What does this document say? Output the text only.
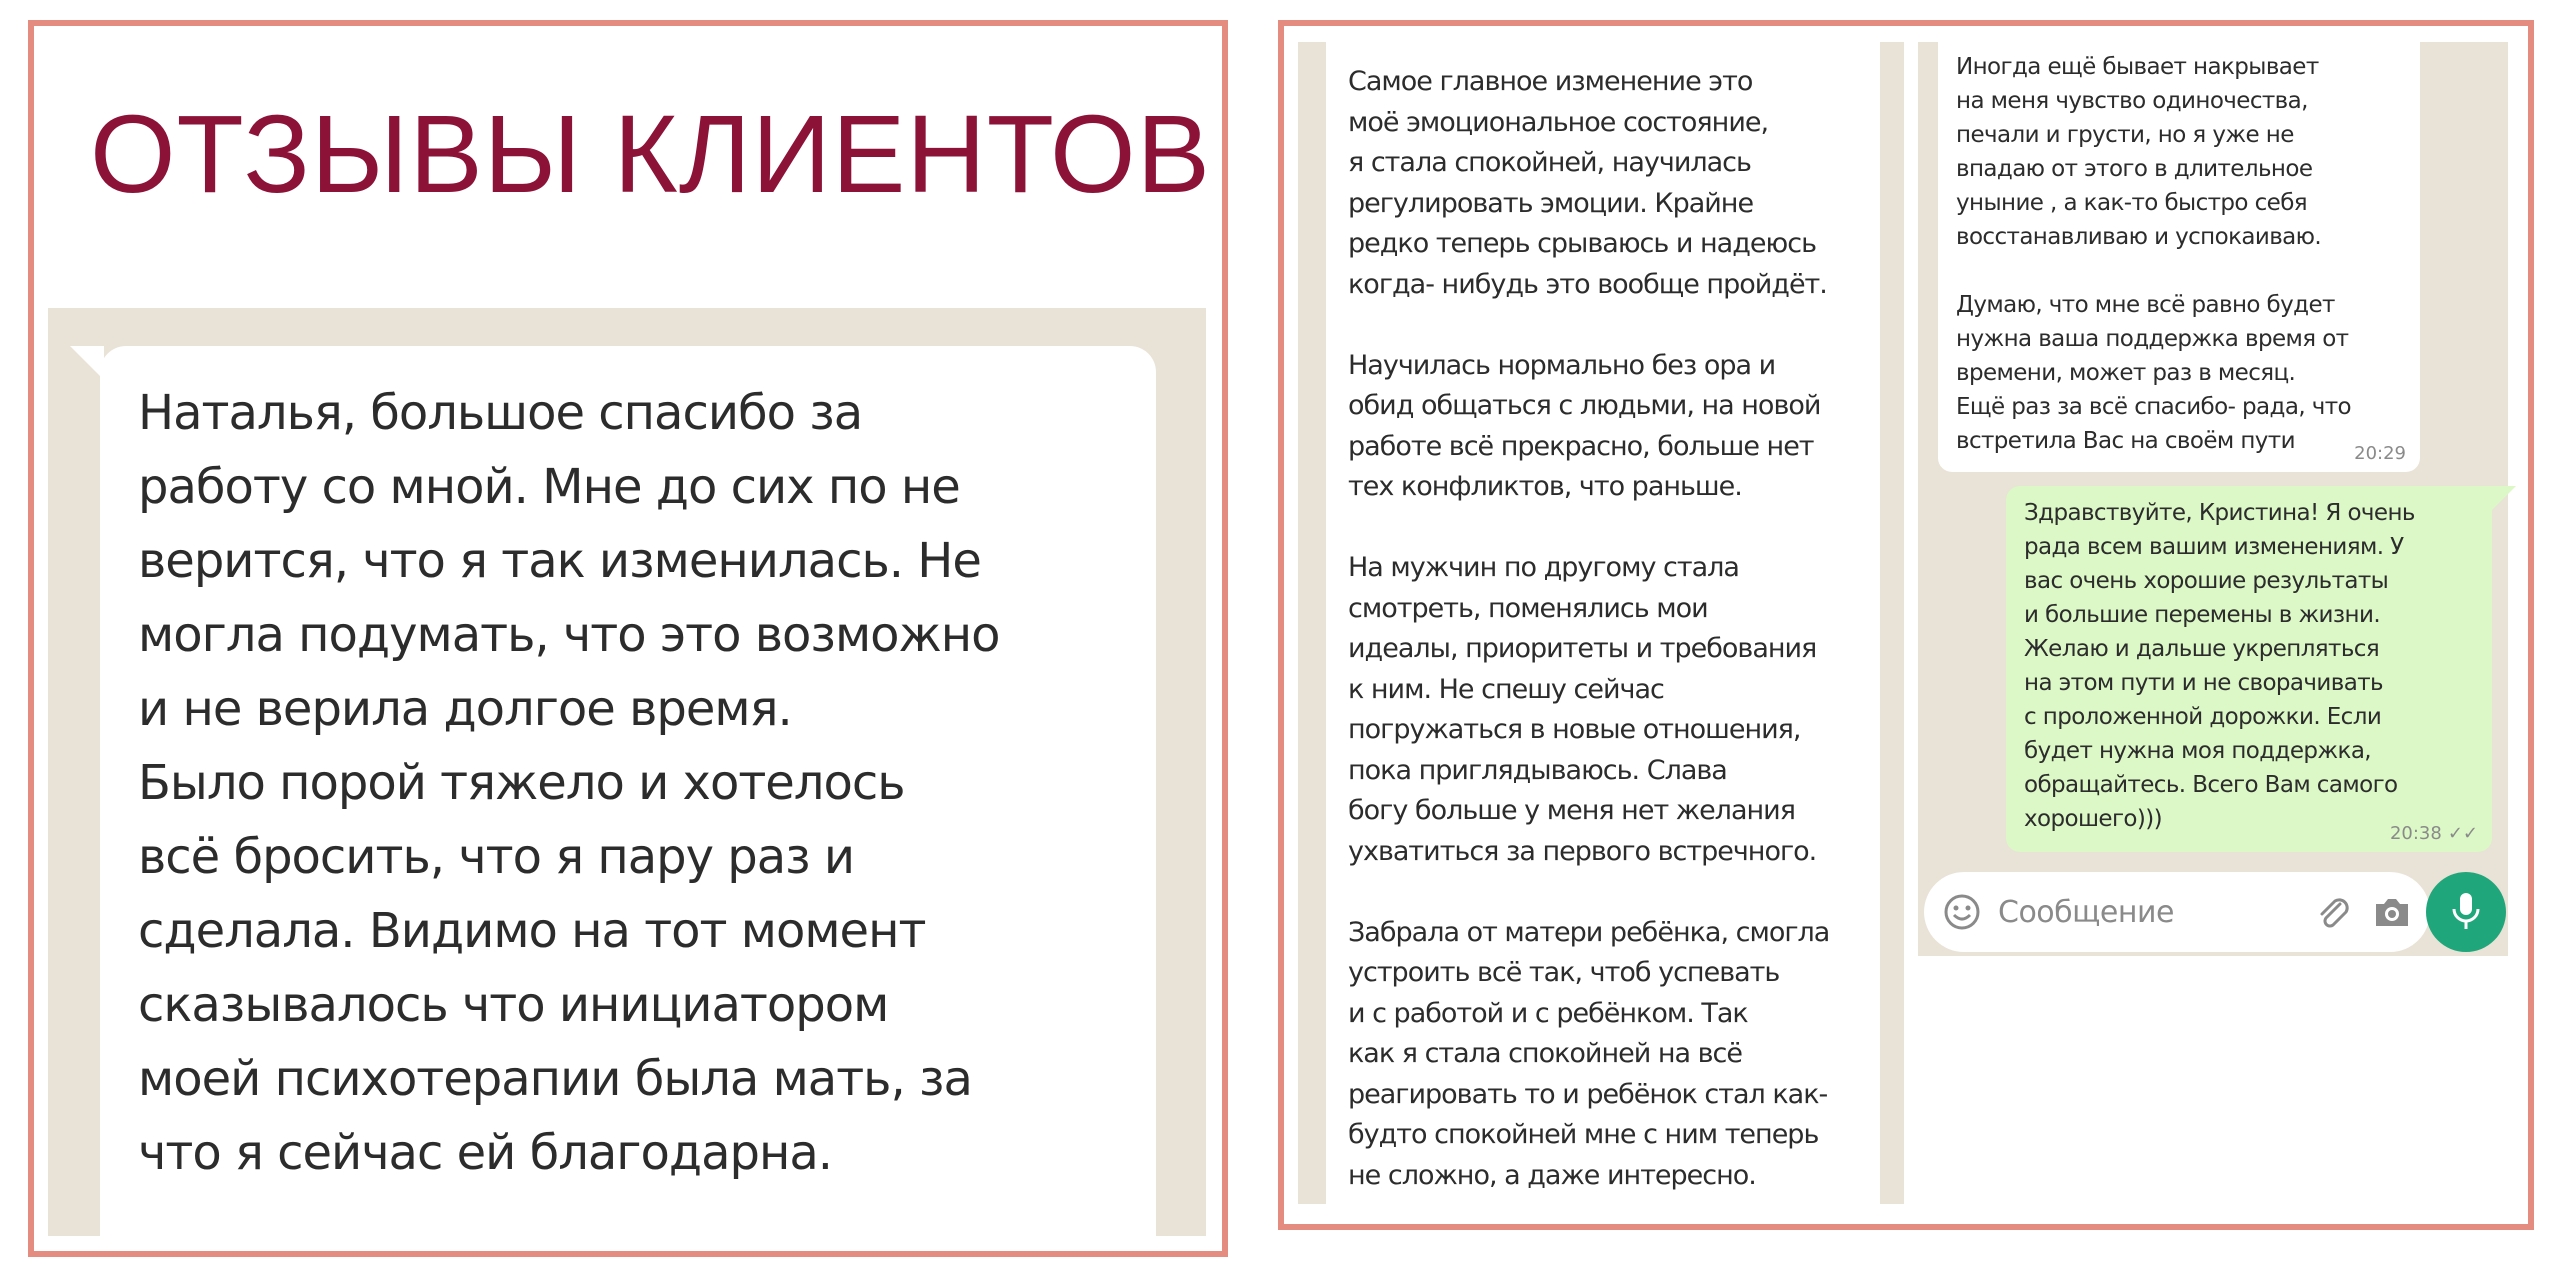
ОТЗЫВЫ КЛИЕНТОВ
Наталья, большое спасибо за
работу со мной. Мне до сих по не
верится, что я так изменилась. Не
могла подумать, что это возможно
и не верила долгое время.
Было порой тяжело и хотелось
всё бросить, что я пару раз и
сделала. Видимо на тот момент
сказывалось что инициатором
моей психотерапии была мать, за
что я сейчас ей благодарна.
Самое главное изменение это
моё эмоциональное состояние,
я стала спокойней, научилась
регулировать эмоции. Крайне
редко теперь срываюсь и надеюсь
когда- нибудь это вообще пройдёт.
Научилась нормально без ора и
обид общаться с людьми, на новой
работе всё прекрасно, больше нет
тех конфликтов, что раньше.
На мужчин по другому стала
смотреть, поменялись мои
идеалы, приоритеты и требования
к ним. Не спешу сейчас
погружаться в новые отношения,
пока приглядываюсь. Слава
богу больше у меня нет желания
ухватиться за первого встречного.
Забрала от матери ребёнка, смогла
устроить всё так, чтоб успевать
и с работой и с ребёнком. Так
как я стала спокойней на всё
реагировать то и ребёнок стал как-
будто спокойней мне с ним теперь
не сложно, а даже интересно.
Иногда ещё бывает накрывает
на меня чувство одиночества,
печали и грусти, но я уже не
впадаю от этого в длительное
уныние , а как-то быстро себя
восстанавливаю и успокаиваю.
Думаю, что мне всё равно будет
нужна ваша поддержка время от
времени, может раз в месяц.
Ещё раз за всё спасибо- рада, что
встретила Вас на своём пути	20:29
Здравствуйте, Кристина! Я очень
рада всем вашим изменениям. У
вас очень хорошие результаты
и большие перемены в жизни.
Желаю и дальше укрепляться
на этом пути и не сворачивать
с проложенной дорожки. Если
будет нужна моя поддержка,
обращайтесь. Всего Вам самого
хорошего)))
20:38 ✓✓
Сообщение
